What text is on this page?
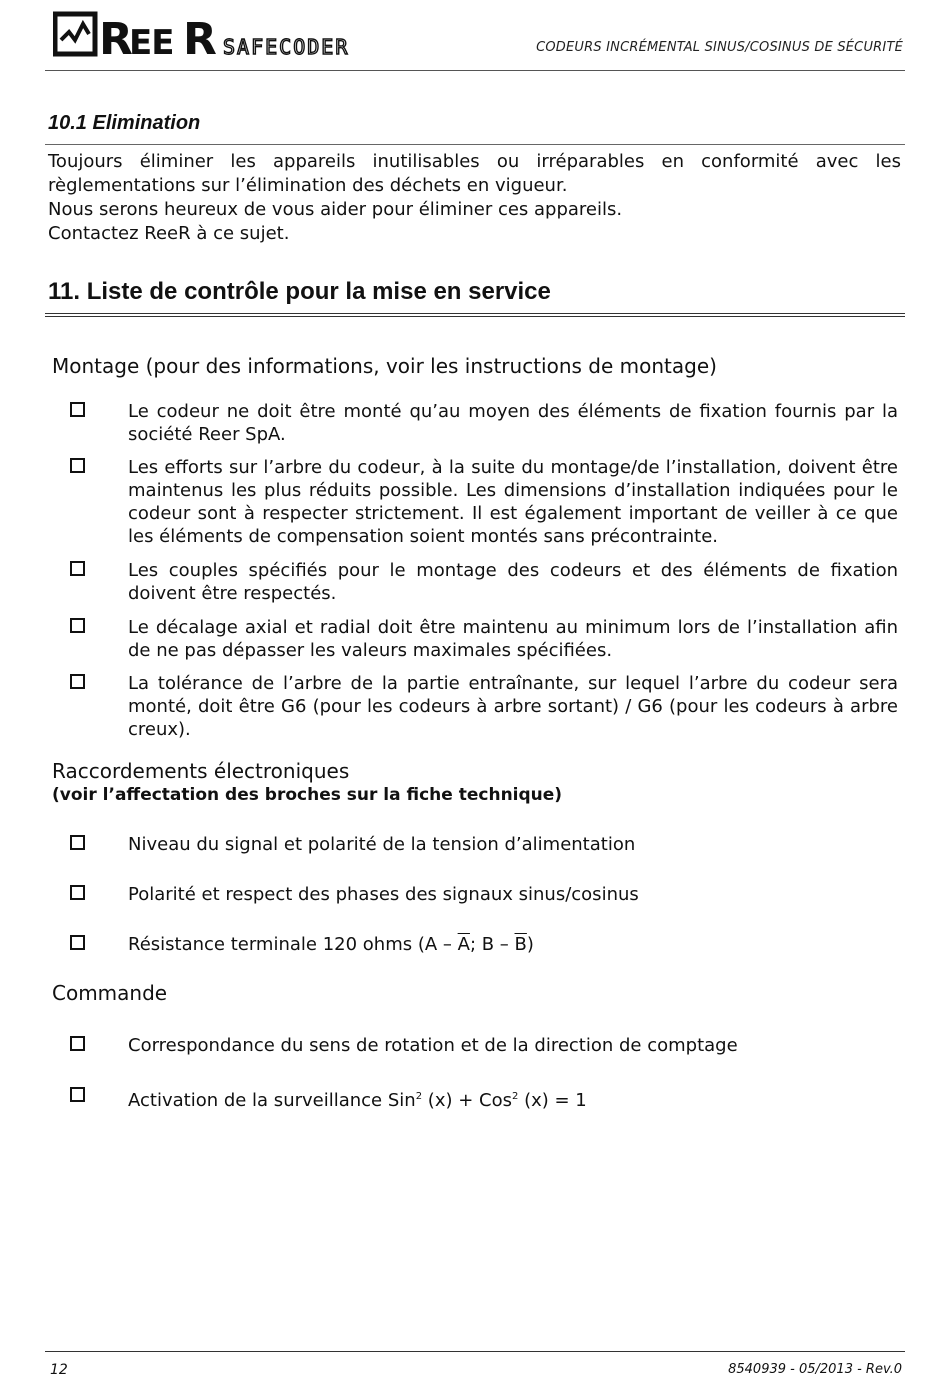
R
EE R SAFECODER	CODEURS INCRÉMENTAL SINUS/COSINUS DE SÉCURITÉ
10.1 Elimination

Toujours éliminer les appareils inutilisables ou irréparables en conformité avec les règlementations sur l’élimination des déchets en vigueur.

Nous serons heureux de vous aider pour éliminer ces appareils.

Contactez ReeR à ce sujet.

11. Liste de contrôle pour la mise en service
Montage (pour des informations, voir les instructions de montage)
Le codeur ne doit être monté qu’au moyen des éléments de fixation fournis par la société Reer SpA.
Les efforts sur l’arbre du codeur, à la suite du montage/de l’installation, doivent être maintenus les plus réduits possible. Les dimensions d’installation indiquées pour le codeur sont à respecter strictement. Il est également important de veiller à ce que les éléments de compensation soient montés sans précontrainte.
Les couples spécifiés pour le montage des codeurs et des éléments de fixation doivent être respectés.
Le décalage axial et radial doit être maintenu au minimum lors de l’installation afin de ne pas dépasser les valeurs maximales spécifiées.
La tolérance de l’arbre de la partie entraînante, sur lequel l’arbre du codeur sera monté, doit être G6 (pour les codeurs à arbre sortant) / G6 (pour les codeurs à arbre creux).
Raccordements électroniques
(voir l’affectation des broches sur la fiche technique)
Niveau du signal et polarité de la tension d’alimentation
Polarité et respect des phases des signaux sinus/cosinus
Résistance terminale 120 ohms ($A - \overline{A}$; B – $\overline{B}$)
Commande
Correspondance du sens de rotation et de la direction de comptage
Activation de la surveillance Sin$^2$ (x) + Cos$^2$ (x) = 1
12	8540939 - 05/2013 - Rev.0
